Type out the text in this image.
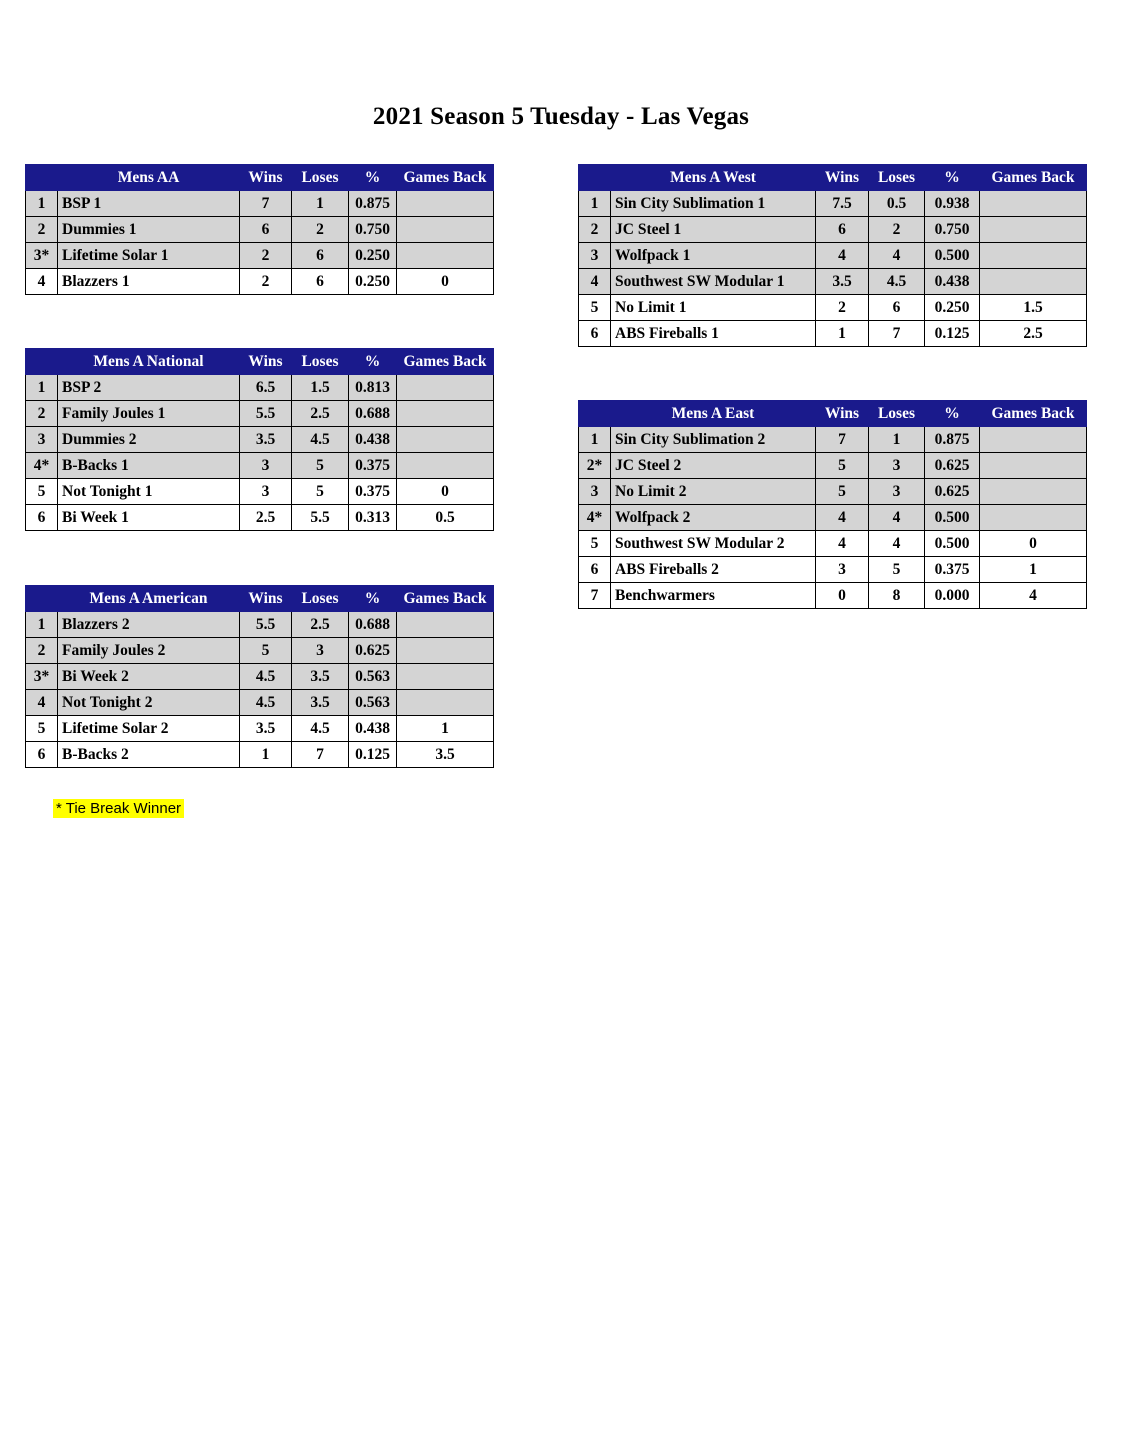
2021 Season 5 Tuesday - Las Vegas
	Mens AA	Wins	Loses	%	Games Back
1	BSP 1	7	1	0.875	
2	Dummies 1	6	2	0.750	
3*	Lifetime Solar 1	2	6	0.250	
4	Blazzers 1	2	6	0.250	0
	Mens A National	Wins	Loses	%	Games Back
1	BSP 2	6.5	1.5	0.813	
2	Family Joules 1	5.5	2.5	0.688	
3	Dummies 2	3.5	4.5	0.438	
4*	B-Backs 1	3	5	0.375	
5	Not Tonight 1	3	5	0.375	0
6	Bi Week 1	2.5	5.5	0.313	0.5
	Mens A American	Wins	Loses	%	Games Back
1	Blazzers 2	5.5	2.5	0.688	
2	Family Joules 2	5	3	0.625	
3*	Bi Week 2	4.5	3.5	0.563	
4	Not Tonight 2	4.5	3.5	0.563	
5	Lifetime Solar 2	3.5	4.5	0.438	1
6	B-Backs 2	1	7	0.125	3.5
	Mens A West	Wins	Loses	%	Games Back
1	Sin City Sublimation 1	7.5	0.5	0.938	
2	JC Steel 1	6	2	0.750	
3	Wolfpack 1	4	4	0.500	
4	Southwest SW Modular 1	3.5	4.5	0.438	
5	No Limit 1	2	6	0.250	1.5
6	ABS Fireballs 1	1	7	0.125	2.5
	Mens A East	Wins	Loses	%	Games Back
1	Sin City Sublimation 2	7	1	0.875	
2*	JC Steel 2	5	3	0.625	
3	No Limit 2	5	3	0.625	
4*	Wolfpack 2	4	4	0.500	
5	Southwest SW Modular 2	4	4	0.500	0
6	ABS Fireballs 2	3	5	0.375	1
7	Benchwarmers	0	8	0.000	4
* Tie Break Winner
